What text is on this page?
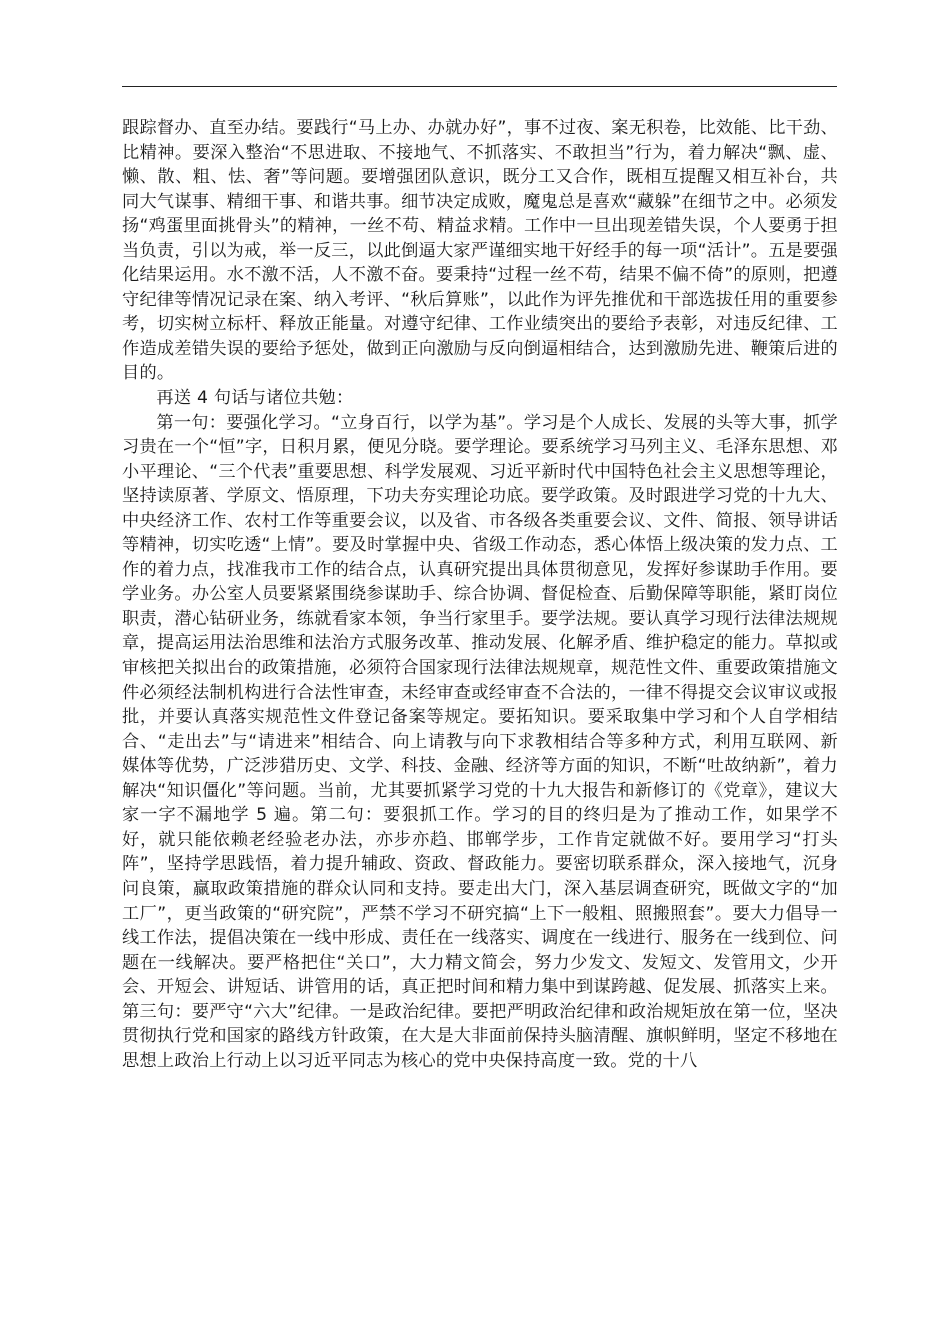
跟踪督办、直至办结。要践行“马上办、办就办好”，事不过夜、案无积卷，比效能、比干劲、比精神。要深入整治“不思进取、不接地气、不抓落实、不敢担当”行为，着力解决“飘、虚、懒、散、粗、怯、奢”等问题。要增强团队意识，既分工又合作，既相互提醒又相互补台，共同大气谋事、精细干事、和谐共事。细节决定成败，魔鬼总是喜欢“藏躲”在细节之中。必须发扬“鸡蛋里面挑骨头”的精神，一丝不苟、精益求精。工作中一旦出现差错失误，个人要勇于担当负责，引以为戒，举一反三，以此倒逼大家严谨细实地干好经手的每一项“活计”。五是要强化结果运用。水不激不活，人不激不奋。要秉持“过程一丝不苟，结果不偏不倚”的原则，把遵守纪律等情况记录在案、纳入考评、“秋后算账”，以此作为评先推优和干部选拔任用的重要参考，切实树立标杆、释放正能量。对遵守纪律、工作业绩突出的要给予表彰，对违反纪律、工作造成差错失误的要给予惩处，做到正向激励与反向倒逼相结合，达到激励先进、鞭策后进的目的。

再送 4 句话与诸位共勉：

第一句：要强化学习。“立身百行，以学为基”。学习是个人成长、发展的头等大事，抓学习贵在一个“恒”字，日积月累，便见分晓。要学理论。要系统学习马列主义、毛泽东思想、邓小平理论、“三个代表”重要思想、科学发展观、习近平新时代中国特色社会主义思想等理论，坚持读原著、学原文、悟原理，下功夫夯实理论功底。要学政策。及时跟进学习党的十九大、中央经济工作、农村工作等重要会议，以及省、市各级各类重要会议、文件、简报、领导讲话等精神，切实吃透“上情”。要及时掌握中央、省级工作动态，悉心体悟上级决策的发力点、工作的着力点，找准我市工作的结合点，认真研究提出具体贯彻意见，发挥好参谋助手作用。要学业务。办公室人员要紧紧围绕参谋助手、综合协调、督促检查、后勤保障等职能，紧盯岗位职责，潜心钻研业务，练就看家本领，争当行家里手。要学法规。要认真学习现行法律法规规章，提高运用法治思维和法治方式服务改革、推动发展、化解矛盾、维护稳定的能力。草拟或审核把关拟出台的政策措施，必须符合国家现行法律法规规章，规范性文件、重要政策措施文件必须经法制机构进行合法性审查，未经审查或经审查不合法的，一律不得提交会议审议或报批，并要认真落实规范性文件登记备案等规定。要拓知识。要采取集中学习和个人自学相结合、“走出去”与“请进来”相结合、向上请教与向下求教相结合等多种方式，利用互联网、新媒体等优势，广泛涉猎历史、文学、科技、金融、经济等方面的知识，不断“吐故纳新”，着力解决“知识僵化”等问题。当前，尤其要抓紧学习党的十九大报告和新修订的《党章》，建议大家一字不漏地学 5 遍。第二句：要狠抓工作。学习的目的终归是为了推动工作，如果学不好，就只能依赖老经验老办法，亦步亦趋、邯郸学步，工作肯定就做不好。要用学习“打头阵”，坚持学思践悟，着力提升辅政、资政、督政能力。要密切联系群众，深入接地气，沉身问良策，赢取政策措施的群众认同和支持。要走出大门，深入基层调查研究，既做文字的“加工厂”，更当政策的“研究院”，严禁不学习不研究搞“上下一般粗、照搬照套”。要大力倡导一线工作法，提倡决策在一线中形成、责任在一线落实、调度在一线进行、服务在一线到位、问题在一线解决。要严格把住“关口”，大力精文简会，努力少发文、发短文、发管用文，少开会、开短会、讲短话、讲管用的话，真正把时间和精力集中到谋跨越、促发展、抓落实上来。第三句：要严守“六大”纪律。一是政治纪律。要把严明政治纪律和政治规矩放在第一位，坚决贯彻执行党和国家的路线方针政策，在大是大非面前保持头脑清醒、旗帜鲜明，坚定不移地在思想上政治上行动上以习近平同志为核心的党中央保持高度一致。党的十八
